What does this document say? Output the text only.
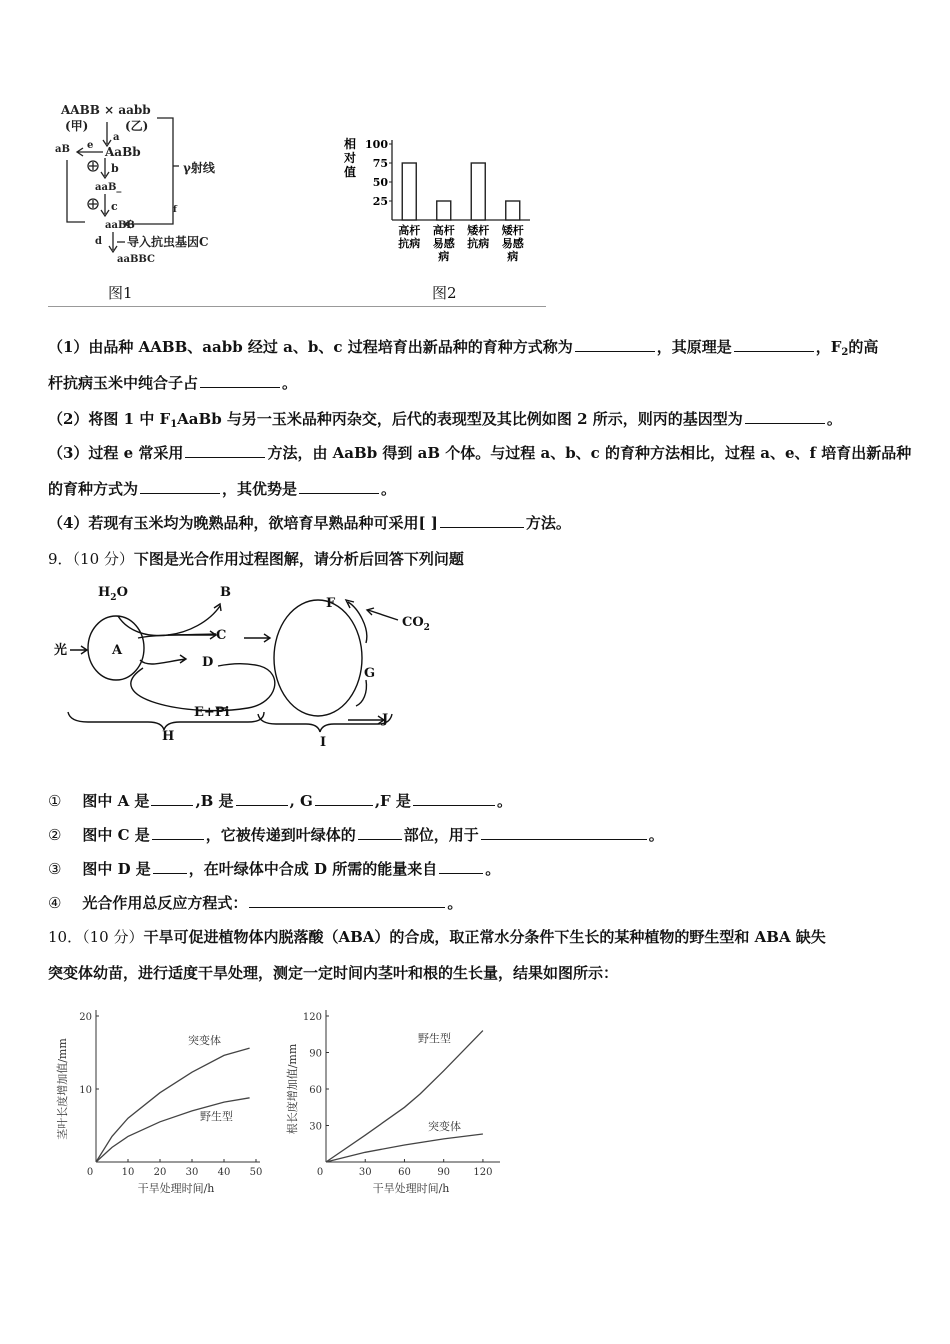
AABB × aabb
(甲)	(乙)
a
aB e AaBb
b
aaB_
c
γ射线
f
aaBB
d 导入抗虫基因C
aaBBC
图1
相
对
值
100
75
50
25
高杆
抗病
高杆
易感
病
矮杆
抗病
矮杆
易感
病
图2
（1）由品种 AABB、aabb 经过 a、b、c 过程培育出新品种的育种方式称为	，其原理是	，$F_2$的高
杆抗病玉米中纯合子占	。
（2）将图 1 中 $F_1AaBb$ 与另一玉米品种丙杂交，后代的表现型及其比例如图 2 所示，则丙的基因型为	。
（3）过程 e 常采用	方法，由 AaBb 得到 aB 个体。与过程 a、b、c 的育种方法相比，过程 a、e、f 培育出新品种
的育种方式为	，其优势是	。
（4）若现有玉米均为晚熟品种，欲培育早熟品种可采用[ ]	方法。
9．（10 分）下图是光合作用过程图解，请分析后回答下列问题
$H_2O$
光	A
B
C
D
E+Pi
F
$CO_2$
G
J
H	I
① 图中 A 是	,B 是	, G	,F 是	。
② 图中 C 是	，它被传递到叶绿体的	部位，用于	。
③ 图中 D 是	，在叶绿体中合成 D 所需的能量来自	。
④ 光合作用总反应方程式：	。
10．（10 分）干旱可促进植物体内脱落酸（ABA）的合成，取正常水分条件下生长的某种植物的野生型和 ABA 缺失
突变体幼苗，进行适度干旱处理，测定一定时间内茎叶和根的生长量，结果如图所示：
0	10 20 30 40 50
10
20
干旱处理时间/h
茎叶长度增加值/mm	突变体
野生型
0	30	60	90 120
30
60
90
120
干旱处理时间/h
根长度增加值/mm
野生型
突变体
